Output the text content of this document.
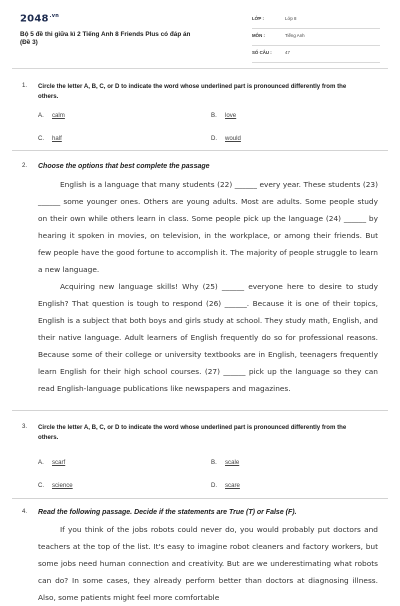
$2048^{.vn}$
Bộ 5 đề thi giữa kì 2 Tiếng Anh 8 Friends Plus có đáp án
(Đề 3)
LỚP :	Lớp 8
MÔN :	Tiếng Anh
SỐ CÂU :	47
1. Circle the letter A, B, C, or D to indicate the word whose underlined part is pronounced differently from the others.
A. calm	B. love
C. half	D. would
2. Choose the options that best complete the passage

English is a language that many students (22) ______ every year. These students (23) ______ some younger ones. Others are young adults. Most are adults. Some people study on their own while others learn in class. Some people pick up the language (24) ______ by hearing it spoken in movies, on television, in the workplace, or among their friends. But few people have the good fortune to accomplish it. The majority of people struggle to learn a new language.

Acquiring new language skills! Why (25) ______ everyone here to desire to study English? That question is tough to respond (26) ______. Because it is one of their topics, English is a subject that both boys and girls study at school. They study math, English, and their native language. Adult learners of English frequently do so for professional reasons. Because some of their college or university textbooks are in English, teenagers frequently learn English for their high school courses. (27) ______ pick up the language so they can read English-language publications like newspapers and magazines.

3. Circle the letter A, B, C, or D to indicate the word whose underlined part is pronounced differently from the others.
A. scarf	B. scale
C. science	D. scare
4. Read the following passage. Decide if the statements are True (T) or False (F).

If you think of the jobs robots could never do, you would probably put doctors and teachers at the top of the list. It's easy to imagine robot cleaners and factory workers, but some jobs need human connection and creativity. But are we underestimating what robots can do? In some cases, they already perform better than doctors at diagnosing illness. Also, some patients might feel more comfortable
